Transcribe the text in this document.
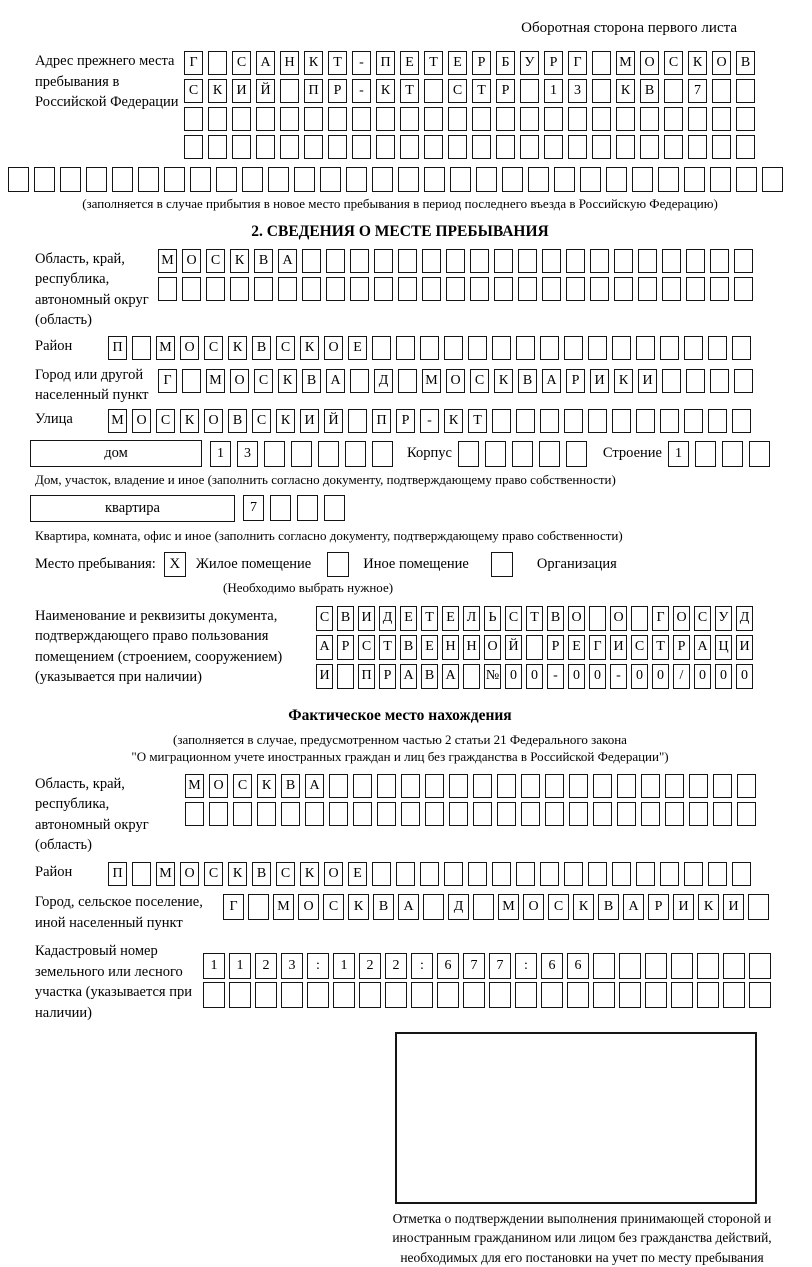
Оборотная сторона первого листа
Адрес прежнего места пребывания в Российской Федерации
Г	С	А Н	К	Т	-	П	Е	Т	Е	Р	Б	У	Р	Г	М О	С	К	О	В
С	К	И Й	П	Р	-	К	Т	С	Т	Р	1	3	К	В	7
(заполняется в случае прибытия в новое место пребывания в период последнего въезда в Российскую Федерацию)
2. СВЕДЕНИЯ О МЕСТЕ ПРЕБЫВАНИЯ
Область, край, республика, автономный округ (область)
М О	С	К	В	А
Район	П	М О	С	К	В	С	К	О	Е
Город или другой населенный пункт
Г	М О	С	К	В	А	Д	М О	С	К	В	А	Р	И	К	И
Улица	М О	С	К	О	В	С	К	И Й	П	Р	-	К	Т
дом	1	3	Корпус	Строение 1
Дом, участок, владение и иное (заполнить согласно документу, подтверждающему право собственности)
квартира	7
Квартира, комната, офис и иное (заполнить согласно документу, подтверждающему право собственности)
Место пребывания: X	Жилое помещение	Иное помещение	Организация
(Необходимо выбрать нужное)
Наименование и реквизиты документа, подтверждающего право пользования помещением (строением, сооружением) (указывается при наличии)
С В И Д Е Т Е Л Ь С Т В О О	Г О С У Д
А Р С Т В Е Н Н О Й	Р Е Г И С Т Р А Ц И
И П Р А В А № 0	0	-	0	0	-	0	0	/	0	0	0
Фактическое место нахождения
(заполняется в случае, предусмотренном частью 2 статьи 21 Федерального закона
"О миграционном учете иностранных граждан и лиц без гражданства в Российской Федерации")
Область, край, республика, автономный округ (область)
М О	С	К	В	А
Район	П	М О	С	К	В	С	К	О	Е
Город, сельское поселение, иной населенный пункт
Г	М О	С	К	В	А	Д	М О	С	К	В	А	Р	И	К	И
Кадастровый номер земельного или лесного участка (указывается при наличии)
1	1	2	3	:	1	2	2	:	6	7	7	:	6	6
Отметка о подтверждении выполнения принимающей стороной и иностранным гражданином или лицом без гражданства действий, необходимых для его постановки на учет по месту пребывания
